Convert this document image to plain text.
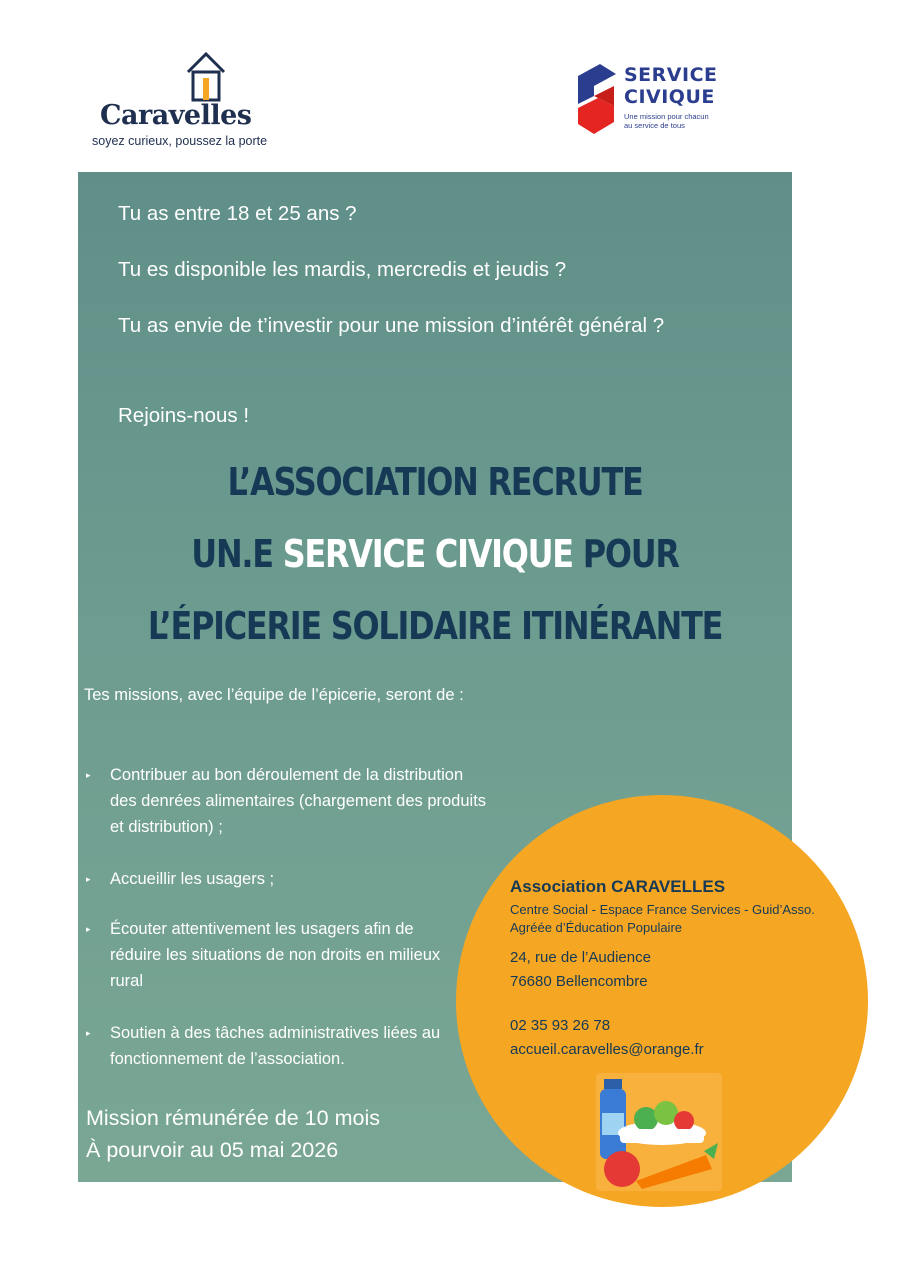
Caravelles
soyez curieux, poussez la porte
SERVICE
CIVIQUE
Une mission pour chacun
au service de tous
Tu as entre 18 et 25 ans ?
Tu es disponible les mardis, mercredis et jeudis ?
Tu as envie de t’investir pour une mission d’intérêt général ?
Rejoins-nous !
L’ASSOCIATION RECRUTE
UN.E SERVICE CIVIQUE POUR
L’ÉPICERIE SOLIDAIRE ITINÉRANTE
Tes missions, avec l’équipe de l’épicerie, seront de :
▸ Contribuer au bon déroulement de la distribution des denrées alimentaires (chargement des produits et distribution) ;
▸ Accueillir les usagers ;
▸ Écouter attentivement les usagers afin de réduire les situations de non droits en milieux rural
▸ Soutien à des tâches administratives liées au fonctionnement de l’association.
Mission rémunérée de 10 mois
À pourvoir au 05 mai 2026
Association CARAVELLES
Centre Social - Espace France Services - Guid’Asso.
Agréée d’Éducation Populaire
24, rue de l’Audience
76680 Bellencombre
02 35 93 26 78
accueil.caravelles@orange.fr
